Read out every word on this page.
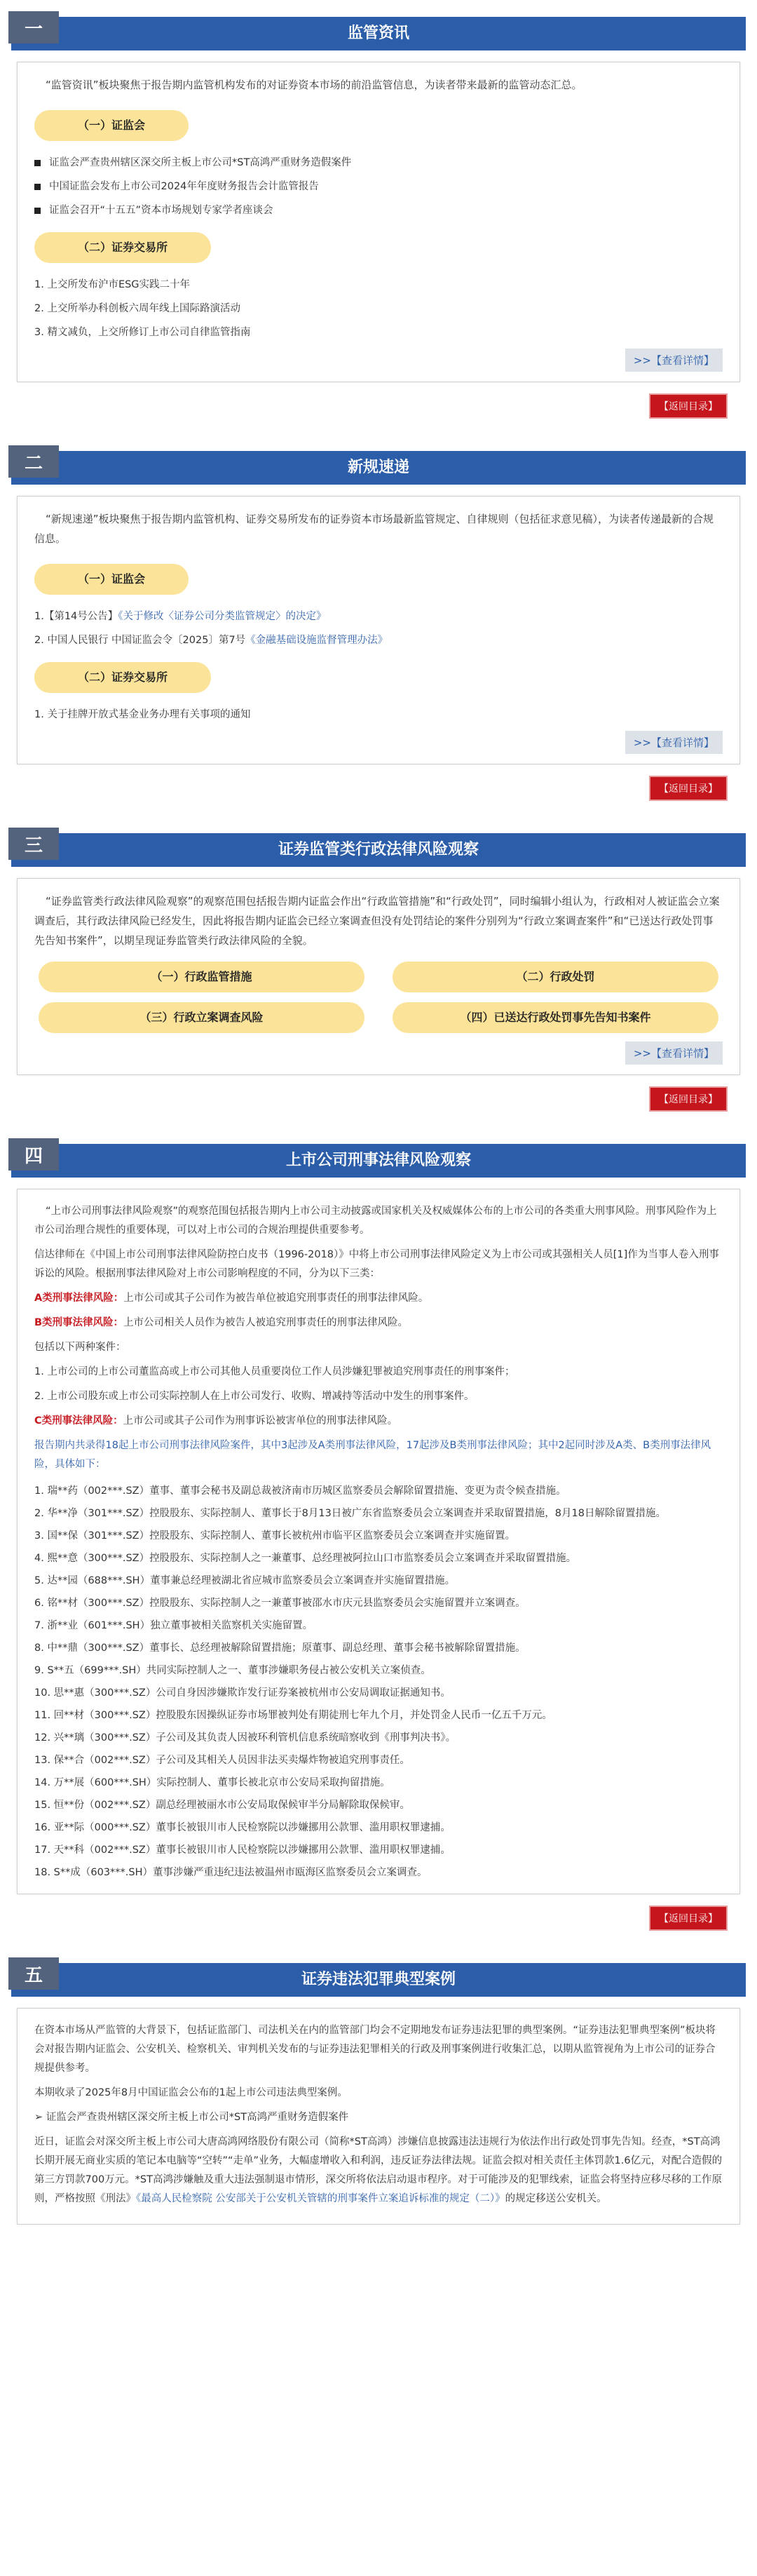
一	监管资讯

“监管资讯”板块聚焦于报告期内监管机构发布的对证券资本市场的前沿监管信息，为读者带来最新的监管动态汇总。

（一）证监会
证监会严查贵州辖区深交所主板上市公司*ST高鸿严重财务造假案件
中国证监会发布上市公司2024年年度财务报告会计监管报告
证监会召开“十五五”资本市场规划专家学者座谈会
（二）证券交易所
1. 上交所发布沪市ESG实践二十年
2. 上交所举办科创板六周年线上国际路演活动
3. 精文减负，上交所修订上市公司自律监管指南
>>【查看详情】
【返回目录】
二	新规速递

“新规速递”板块聚焦于报告期内监管机构、证券交易所发布的证券资本市场最新监管规定、自律规则（包括征求意见稿），为读者传递最新的合规信息。

（一）证监会
1.【第14号公告】《关于修改〈证券公司分类监管规定〉的决定》
2. 中国人民银行 中国证监会令〔2025〕第7号《金融基础设施监督管理办法》
（二）证券交易所
1. 关于挂牌开放式基金业务办理有关事项的通知
>>【查看详情】
【返回目录】
三	证券监管类行政法律风险观察

“证券监管类行政法律风险观察”的观察范围包括报告期内证监会作出“行政监管措施”和“行政处罚”，同时编辑小组认为，行政相对人被证监会立案调查后，其行政法律风险已经发生，因此将报告期内证监会已经立案调查但没有处罚结论的案件分别列为“行政立案调查案件”和“已送达行政处罚事先告知书案件”，以期呈现证券监管类行政法律风险的全貌。

（一）行政监管措施	（二）行政处罚
（三）行政立案调查风险	（四）已送达行政处罚事先告知书案件
>>【查看详情】
【返回目录】
四	上市公司刑事法律风险观察

“上市公司刑事法律风险观察”的观察范围包括报告期内上市公司主动披露或国家机关及权威媒体公布的上市公司的各类重大刑事风险。刑事风险作为上市公司治理合规性的重要体现，可以对上市公司的合规治理提供重要参考。

信达律师在《中国上市公司刑事法律风险防控白皮书（1996-2018）》中将上市公司刑事法律风险定义为上市公司或其强相关人员[1]作为当事人卷入刑事诉讼的风险。根据刑事法律风险对上市公司影响程度的不同，分为以下三类：

A类刑事法律风险：上市公司或其子公司作为被告单位被追究刑事责任的刑事法律风险。

B类刑事法律风险：上市公司相关人员作为被告人被追究刑事责任的刑事法律风险。

包括以下两种案件：

1. 上市公司的上市公司董监高或上市公司其他人员重要岗位工作人员涉嫌犯罪被追究刑事责任的刑事案件；

2. 上市公司股东或上市公司实际控制人在上市公司发行、收购、增减持等活动中发生的刑事案件。

C类刑事法律风险：上市公司或其子公司作为刑事诉讼被害单位的刑事法律风险。

报告期内共录得18起上市公司刑事法律风险案件，其中3起涉及A类刑事法律风险，17起涉及B类刑事法律风险；其中2起同时涉及A类、B类刑事法律风险，具体如下：

1. 瑞**药（002***.SZ）董事、董事会秘书及副总裁被济南市历城区监察委员会解除留置措施、变更为责令候查措施。
2. 华**净（301***.SZ）控股股东、实际控制人、董事长于8月13日被广东省监察委员会立案调查并采取留置措施，8月18日解除留置措施。
3. 国**保（301***.SZ）控股股东、实际控制人、董事长被杭州市临平区监察委员会立案调查并实施留置。
4. 熙**意（300***.SZ）控股股东、实际控制人之一兼董事、总经理被阿拉山口市监察委员会立案调查并采取留置措施。
5. 达**园（688***.SH）董事兼总经理被湖北省应城市监察委员会立案调查并实施留置措施。
6. 铭**材（300***.SZ）控股股东、实际控制人之一兼董事被邵水市庆元县监察委员会实施留置并立案调查。
7. 浙**业（601***.SH）独立董事被相关监察机关实施留置。
8. 中**鼎（300***.SZ）董事长、总经理被解除留置措施；原董事、副总经理、董事会秘书被解除留置措施。
9. S**五（699***.SH）共同实际控制人之一、董事涉嫌职务侵占被公安机关立案侦查。
10. 思**惠（300***.SZ）公司自身因涉嫌欺诈发行证券案被杭州市公安局调取证据通知书。
11. 回**材（300***.SZ）控股股东因操纵证券市场罪被判处有期徒刑七年九个月，并处罚金人民币一亿五千万元。
12. 兴**璃（300***.SZ）子公司及其负责人因被环利管机信息系统暗察收到《刑事判决书》。
13. 保**合（002***.SZ）子公司及其相关人员因非法买卖爆炸物被追究刑事责任。
14. 万**展（600***.SH）实际控制人、董事长被北京市公安局采取拘留措施。
15. 恒**份（002***.SZ）副总经理被丽水市公安局取保候审半分局解除取保候审。
16. 亚**际（000***.SZ）董事长被银川市人民检察院以涉嫌挪用公款罪、滥用职权罪逮捕。
17. 天**科（002***.SZ）董事长被银川市人民检察院以涉嫌挪用公款罪、滥用职权罪逮捕。
18. S**成（603***.SH）董事涉嫌严重违纪违法被温州市瓯海区监察委员会立案调查。
【返回目录】
五	证券违法犯罪典型案例

在资本市场从严监管的大背景下，包括证监部门、司法机关在内的监管部门均会不定期地发布证券违法犯罪的典型案例。“证券违法犯罪典型案例”板块将会对报告期内证监会、公安机关、检察机关、审判机关发布的与证券违法犯罪相关的行政及刑事案例进行收集汇总，以期从监管视角为上市公司的证券合规提供参考。

本期收录了2025年8月中国证监会公布的1起上市公司违法典型案例。

➢ 证监会严查贵州辖区深交所主板上市公司*ST高鸿严重财务造假案件

近日，证监会对深交所主板上市公司大唐高鸿网络股份有限公司（简称*ST高鸿）涉嫌信息披露违法违规行为依法作出行政处罚事先告知。经查，*ST高鸿长期开展无商业实质的笔记本电脑等“空转”“走单”业务，大幅虚增收入和利润，违反证券法律法规。证监会拟对相关责任主体罚款1.6亿元，对配合造假的第三方罚款700万元。*ST高鸿涉嫌触及重大违法强制退市情形，深交所将依法启动退市程序。对于可能涉及的犯罪线索，证监会将坚持应移尽移的工作原则，严格按照《刑法》《最高人民检察院 公安部关于公安机关管辖的刑事案件立案追诉标准的规定（二）》的规定移送公安机关。
